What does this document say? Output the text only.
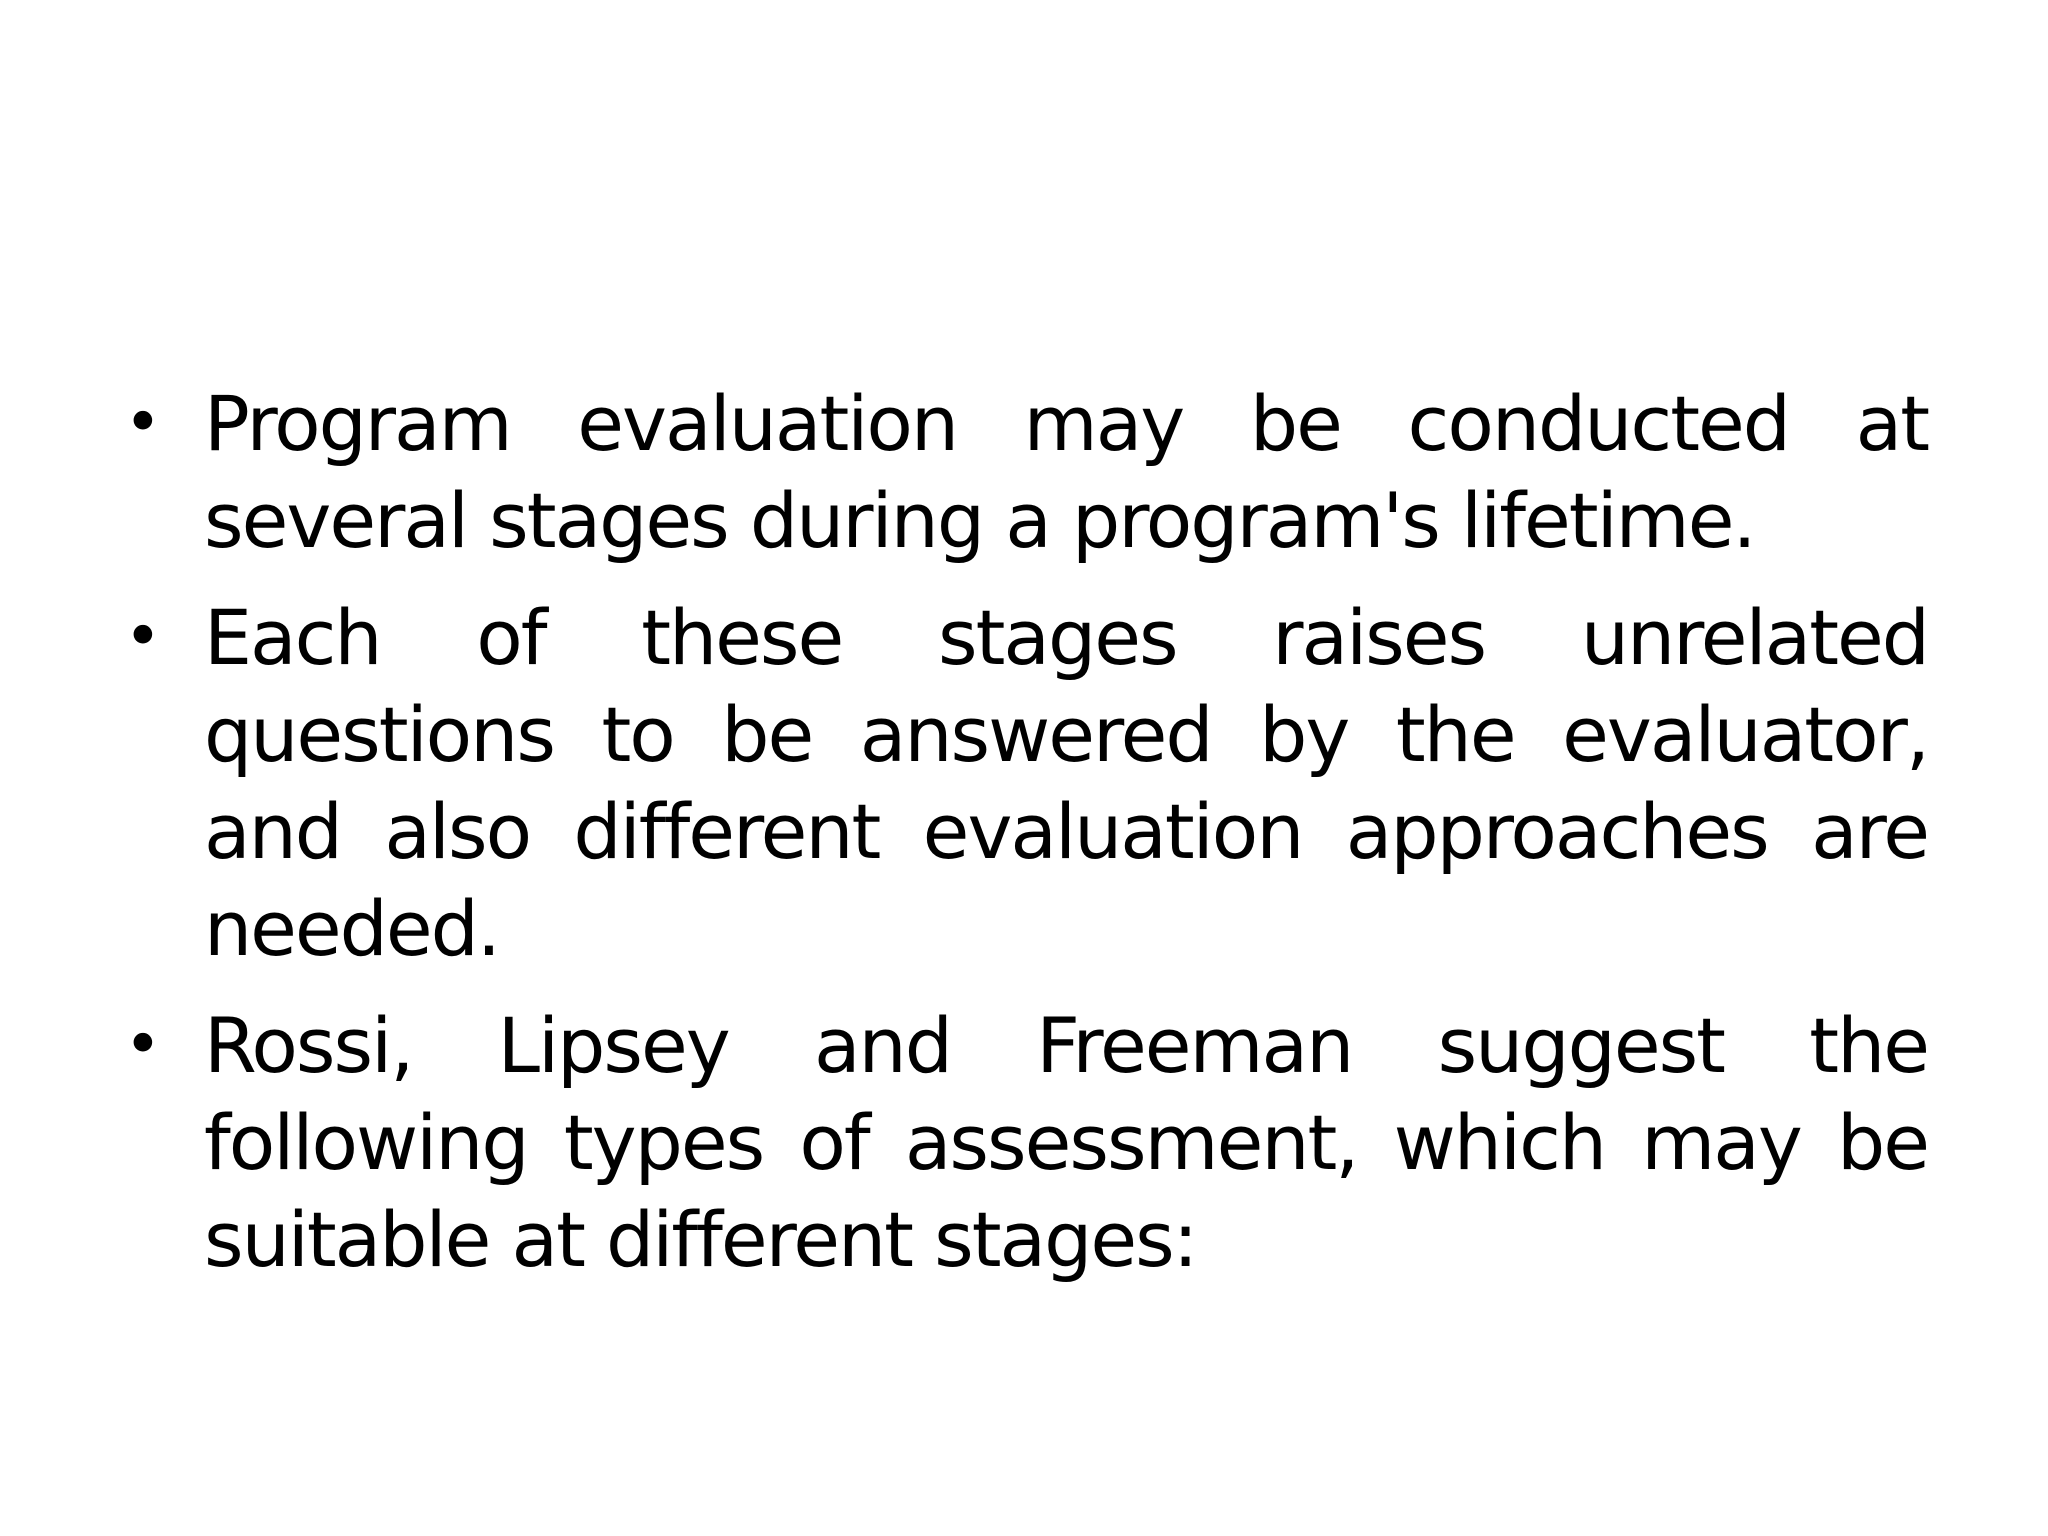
• Program evaluation may be conducted at several stages during a program's lifetime.
• Each of these stages raises unrelated questions to be answered by the evaluator, and also different evaluation approaches are needed.
• Rossi, Lipsey and Freeman suggest the following types of assessment, which may be suitable at different stages:
